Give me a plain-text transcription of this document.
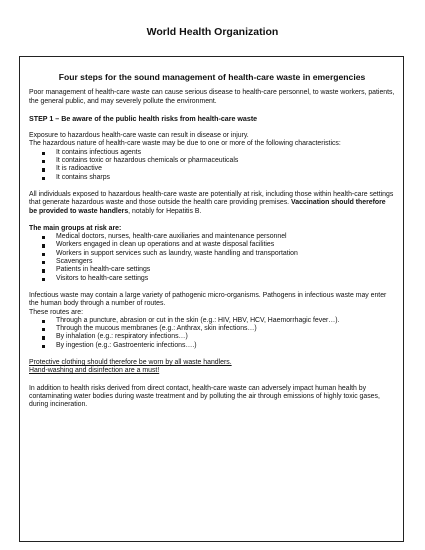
World Health Organization
Four steps for the sound management of health-care waste in emergencies

Poor management of health-care waste can cause serious disease to health-care personnel, to waste workers, patients, the general public, and may severely pollute the environment.

STEP 1 – Be aware of the public health risks from health-care waste

Exposure to hazardous health-care waste can result in disease or injury.

The hazardous nature of health-care waste may be due to one or more of the following characteristics:

It contains infectious agents
It contains toxic or hazardous chemicals or pharmaceuticals
It is radioactive
It contains sharps

All individuals exposed to hazardous health-care waste are potentially at risk, including those within health-care settings that generate hazardous waste and those outside the health care providing premises. Vaccination should therefore be provided to waste handlers, notably for Hepatitis B.

The main groups at risk are:

Medical doctors, nurses, health-care auxiliaries and maintenance personnel
Workers engaged in clean up operations and at waste disposal facilities
Workers in support services such as laundry, waste handling and transportation
Scavengers
Patients in health-care settings
Visitors to health-care settings

Infectious waste may contain a large variety of pathogenic micro-organisms. Pathogens in infectious waste may enter the human body through a number of routes.

These routes are:

Through a puncture, abrasion or cut in the skin (e.g.: HIV, HBV, HCV, Haemorrhagic fever…).
Through the mucous membranes (e.g.: Anthrax, skin infections…)
By inhalation (e.g.: respiratory infections…)
By ingestion (e.g.: Gastroenteric infections….)

Protective clothing should therefore be worn by all waste handlers.

Hand-washing and disinfection are a must!

In addition to health risks derived from direct contact, health-care waste can adversely impact human health by contaminating water bodies during waste treatment and by polluting the air through emissions of highly toxic gases, during incineration.
